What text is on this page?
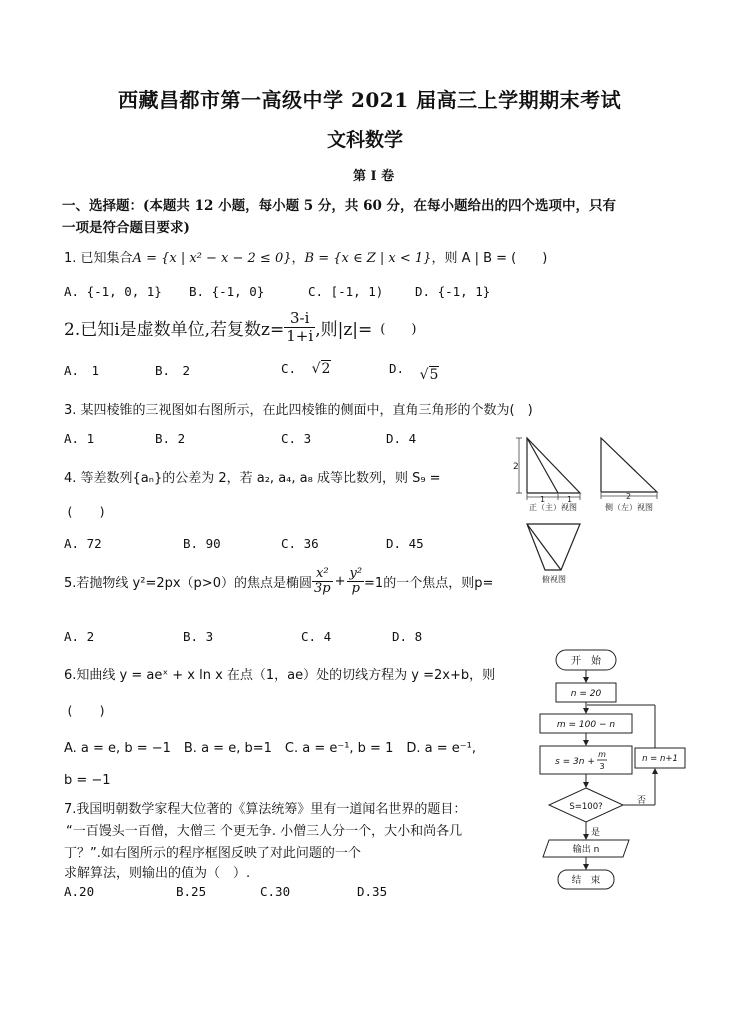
西藏昌都市第一高级中学 2021 届高三上学期期末考试
文科数学
第 I 卷
一、选择题：(本题共 12 小题，每小题 5 分，共 60 分，在每小题给出的四个选项中，只有
一项是符合题目要求)
1. 已知集合A = {x | x² − x − 2 ≤ 0}，B = {x ∈ Z | x < 1}，则 A | B = (　　)
A. {-1, 0, 1} B. {-1, 0}	C. [-1, 1)	D. {-1, 1}
2.已知i是虚数单位,若复数$z= \frac{3-i}{1+i}$ ,则|z|= (　　)
A.　1	B.　2	C. √2	D. √5
3. 某四棱锥的三视图如右图所示，在此四棱锥的侧面中，直角三角形的个数为(　)
A. 1	B. 2	C. 3	D. 4
4. 等差数列{aₙ}的公差为 2，若 a₂, a₄, a₈ 成等比数列，则 S₉ =
(　　)
A. 72	B. 90	C. 36	D. 45
5.若抛物线 y²=2px（p>0）的焦点是椭圆 $\frac{\text{x²}}{3p} + \frac{\text{y²}}{p} =1$的一个焦点，则p=
A. 2	B. 3	C. 4	D. 8
6.知曲线 y = aeˣ + x ln x 在点（1，ae）处的切线方程为 y =2x+b，则
(　　)
A. a = e, b = −1　B. a = e, b=1　C. a = e⁻¹, b = 1　D. a = e⁻¹,
b = −1
7.我国明朝数学家程大位著的《算法统筹》里有一道闻名世界的题目：
“一百馒头一百僧，大僧三 个更无争. 小僧三人分一个，大小和尚各几
丁？”.如右图所示的程序框图反映了对此问题的一个
求解算法，则输出的值为（　）.
A.20	B.25	C.30	D.35
2
1	1
正（主）视图
2
侧（左）视图
俯视图
开　始
n = 20
m = 100 − n
s = 3n +
m
3
S=100?
否
n = n+1
是
输出 n
结　束
